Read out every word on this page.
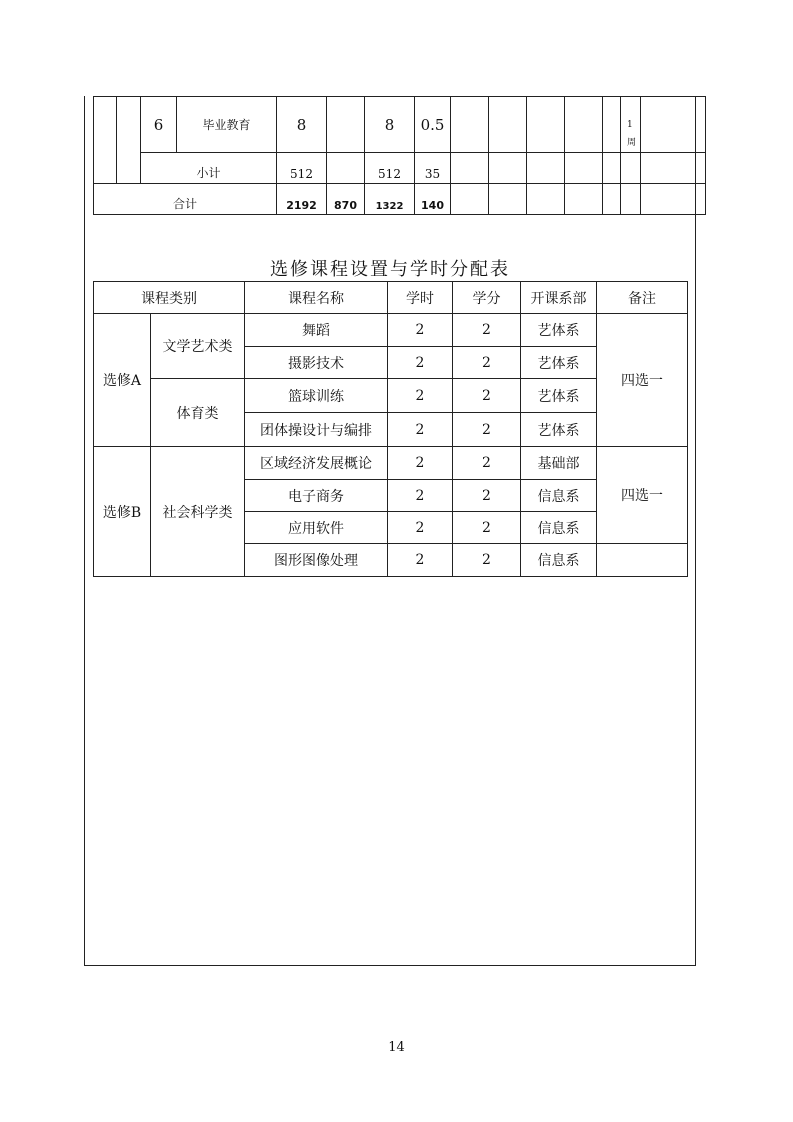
		6	毕业教育	8		8	0.5						1
周	

		小计		512		512	35							
合计				2192	870	1322	140							
选修课程设置与学时分配表
课程类别		课程名称	学时	学分	开课系部	备注
选修A	文学艺术类	舞蹈	2	2	艺体系	四选一
		摄影技术	2	2	艺体系	
	体育类	篮球训练	2	2	艺体系	
		团体操设计与编排	2	2	艺体系	
选修B	社会科学类	区域经济发展概论	2	2	基础部	四选一
		电子商务	2	2	信息系	
		应用软件	2	2	信息系	
		图形图像处理	2	2	信息系	
14
